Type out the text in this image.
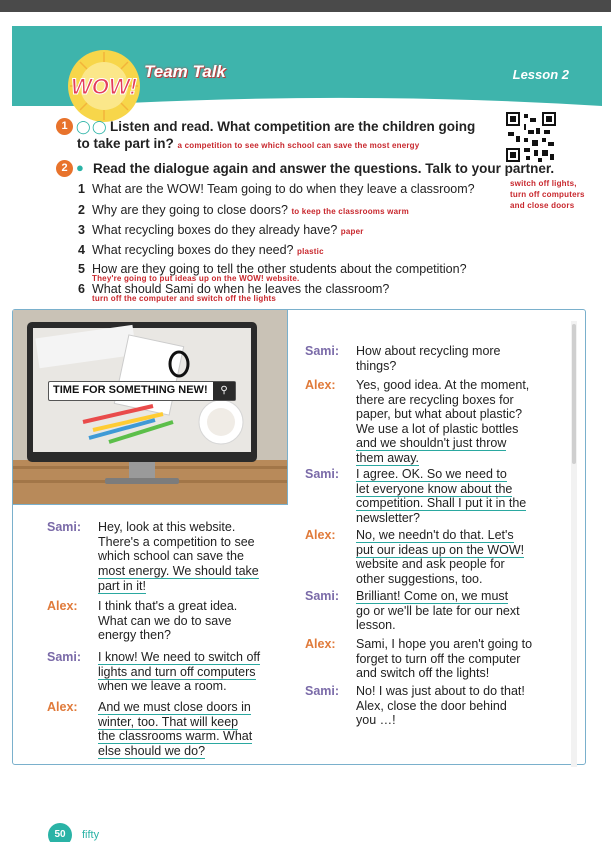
Team Talk	Lesson 2
WOW!
1 ◯ ◯ Listen and read. What competition are the children going
to take part in? a competition to see which school can save the most energy
2 ● Read the dialogue again and answer the questions. Talk to your partner.
1 What are the WOW! Team going to do when they leave a classroom?	switch off lights,
turn off computers
and close doors
2 Why are they going to close doors? to keep the classrooms warm
3 What recycling boxes do they already have? paper
4 What recycling boxes do they need? plastic
5 How are they going to tell the other students about the competition?
They're going to put ideas up on the WOW! website.
6 What should Sami do when he leaves the classroom?
turn off the computer and switch off the lights
TIME FOR SOMETHING NEW!	⚲
Sami: Hey, look at this website.
There's a competition to see
which school can save the
most energy. We should take
part in it!
Alex: I think that's a great idea.
What can we do to save
energy then?
Sami: I know! We need to switch off
lights and turn off computers
when we leave a room.
Alex: And we must close doors in
winter, too. That will keep
the classrooms warm. What
else should we do?
Sami: How about recycling more
things?
Alex: Yes, good idea. At the moment,
there are recycling boxes for
paper, but what about plastic?
We use a lot of plastic bottles
and we shouldn't just throw
them away.
Sami: I agree. OK. So we need to
let everyone know about the
competition. Shall I put it in the
newsletter?
Alex: No, we needn't do that. Let's
put our ideas up on the WOW!
website and ask people for
other suggestions, too.
Sami: Brilliant! Come on, we must
go or we'll be late for our next
lesson.
Alex: Sami, I hope you aren't going to
forget to turn off the computer
and switch off the lights!
Sami: No! I was just about to do that!
Alex, close the door behind
you …!
50	fifty
